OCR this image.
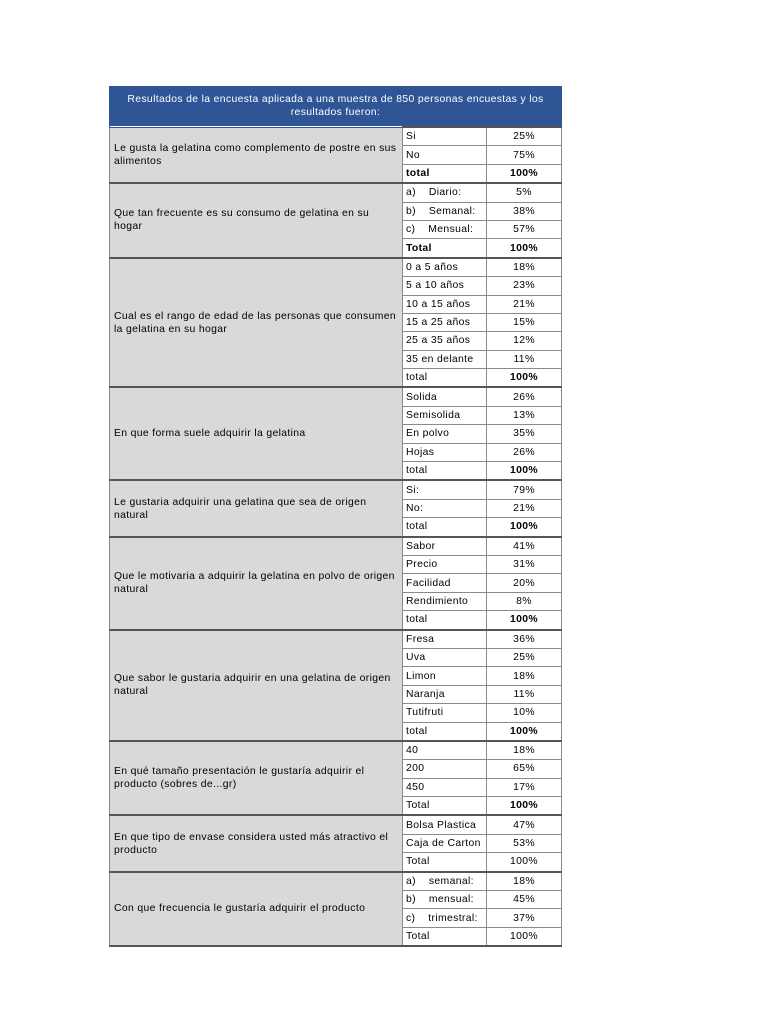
Resultados de la encuesta aplicada a una muestra de 850 personas encuestas y los resultados fueron:		
Le gusta la gelatina como complemento de postre en sus alimentos	Si	25%
	No	75%
	total	100%
Que tan frecuente es su consumo de gelatina en su hogar	a)    Diario:	5%
	b)    Semanal:	38%
	c)    Mensual:	57%
	Total	100%
Cual es el rango de edad de las personas que consumen la gelatina en su hogar	0 a 5 años	18%
	5 a 10 años	23%
	10 a 15 años	21%
	15 a 25 años	15%
	25 a 35 años	12%
	35 en delante	11%
	total	100%
En que forma suele adquirir la gelatina	Solida	26%
	Semisolida	13%
	En polvo	35%
	Hojas	26%
	total	100%
Le gustaria adquirir una gelatina que sea de origen natural	Si:	79%
	No:	21%
	total	100%
Que le motivaria a adquirir la gelatina en polvo de origen natural	Sabor	41%
	Precio	31%
	Facilidad	20%
	Rendimiento	8%
	total	100%
Que sabor le gustaria adquirir en una gelatina de origen natural	Fresa	36%
	Uva	25%
	Limon	18%
	Naranja	11%
	Tutifruti	10%
	total	100%
En qué tamaño presentación le gustaría adquirir el producto (sobres de...gr)	40	18%
	200	65%
	450	17%
	Total	100%
En que tipo de envase considera usted más atractivo el producto	Bolsa Plastica	47%
	Caja de Carton	53%
	Total	100%
Con que frecuencia le gustaría adquirir el producto	a)    semanal:	18%
	b)    mensual:	45%
	c)    trimestral:	37%
	Total	100%
